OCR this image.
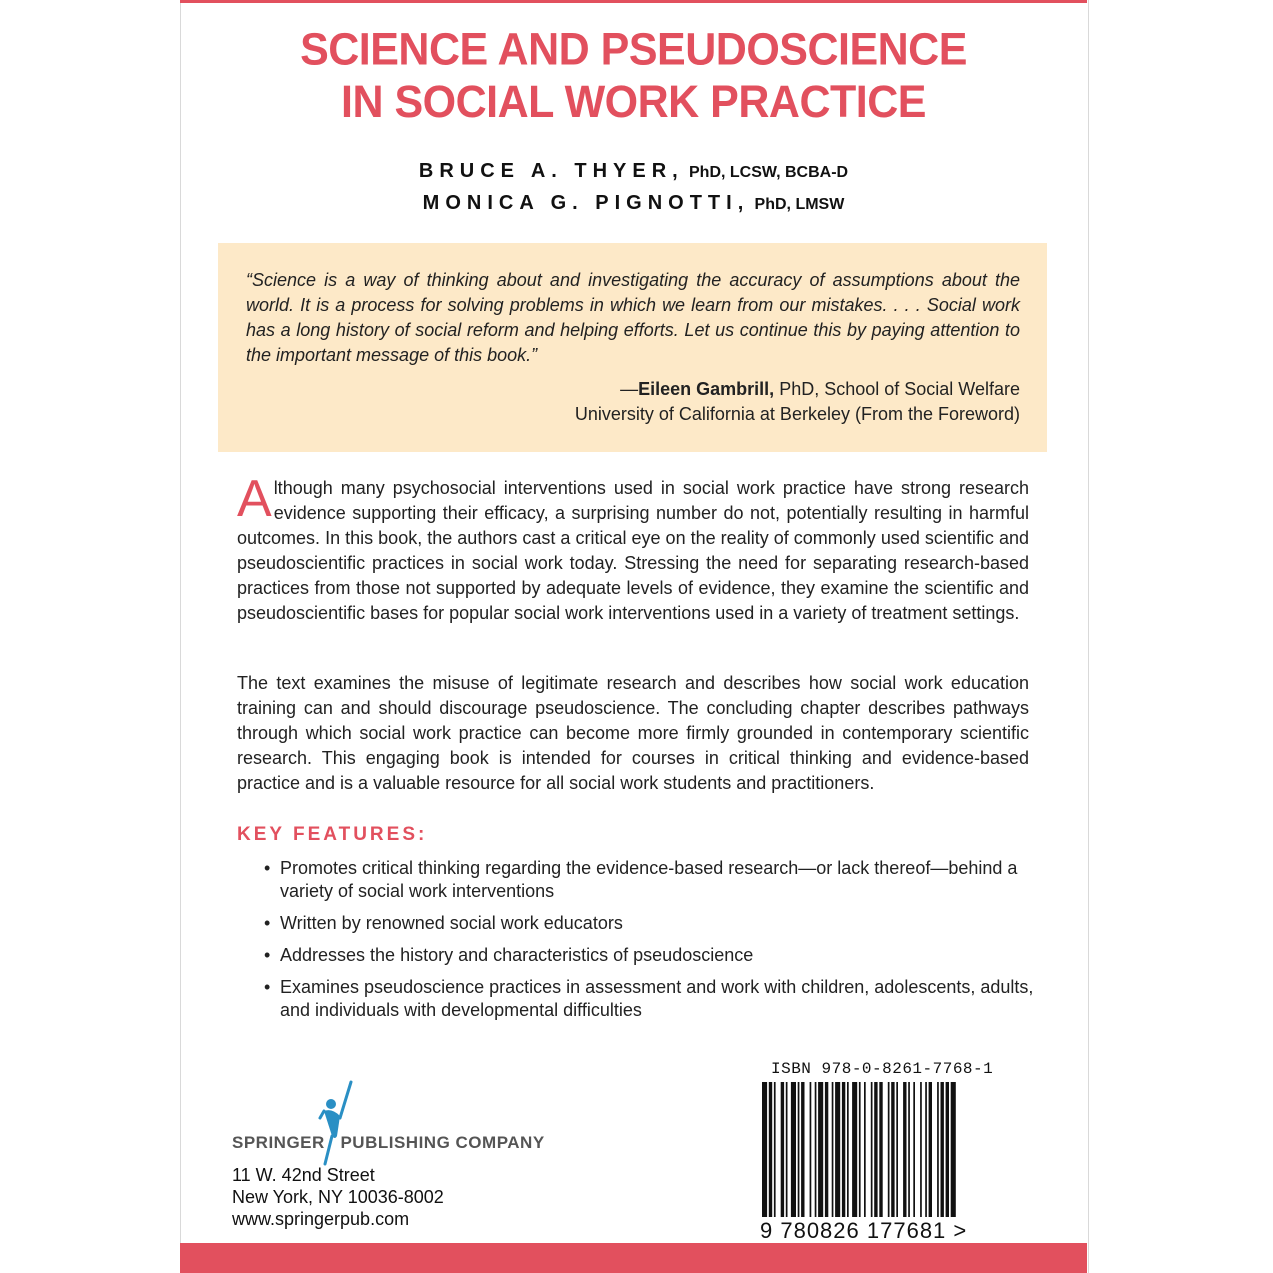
SCIENCE AND PSEUDOSCIENCE
IN SOCIAL WORK PRACTICE
BRUCE A. THYER, PhD, LCSW, BCBA-D
MONICA G. PIGNOTTI, PhD, LMSW
“Science is a way of thinking about and investigating the accuracy of assumptions about the world. It is a process for solving problems in which we learn from our mistakes. . . . Social work has a long history of social reform and helping efforts. Let us continue this by paying attention to the important message of this book.”
—Eileen Gambrill, PhD, School of Social Welfare
University of California at Berkeley (From the Foreword)
Although many psychosocial interventions used in social work practice have strong research evidence supporting their efficacy, a surprising number do not, potentially resulting in harmful outcomes. In this book, the authors cast a critical eye on the reality of commonly used scientific and pseudoscientific practices in social work today. Stressing the need for separating research-based practices from those not supported by adequate levels of evidence, they examine the scientific and pseudoscientific bases for popular social work interventions used in a variety of treatment settings.
The text examines the misuse of legitimate research and describes how social work education training can and should discourage pseudoscience. The concluding chapter describes pathways through which social work practice can become more firmly grounded in contemporary scientific research. This engaging book is intended for courses in critical thinking and evidence-based practice and is a valuable resource for all social work students and practitioners.
KEY FEATURES:
• Promotes critical thinking regarding the evidence-based research—or lack thereof—behind a variety of social work interventions
• Written by renowned social work educators
• Addresses the history and characteristics of pseudoscience
• Examines pseudoscience practices in assessment and work with children, adolescents, adults, and individuals with developmental difficulties
SPRINGER PUBLISHING COMPANY
11 W. 42nd Street
New York, NY 10036-8002
www.springerpub.com
ISBN 978-0-8261-7768-1
9 780826 177681 >
